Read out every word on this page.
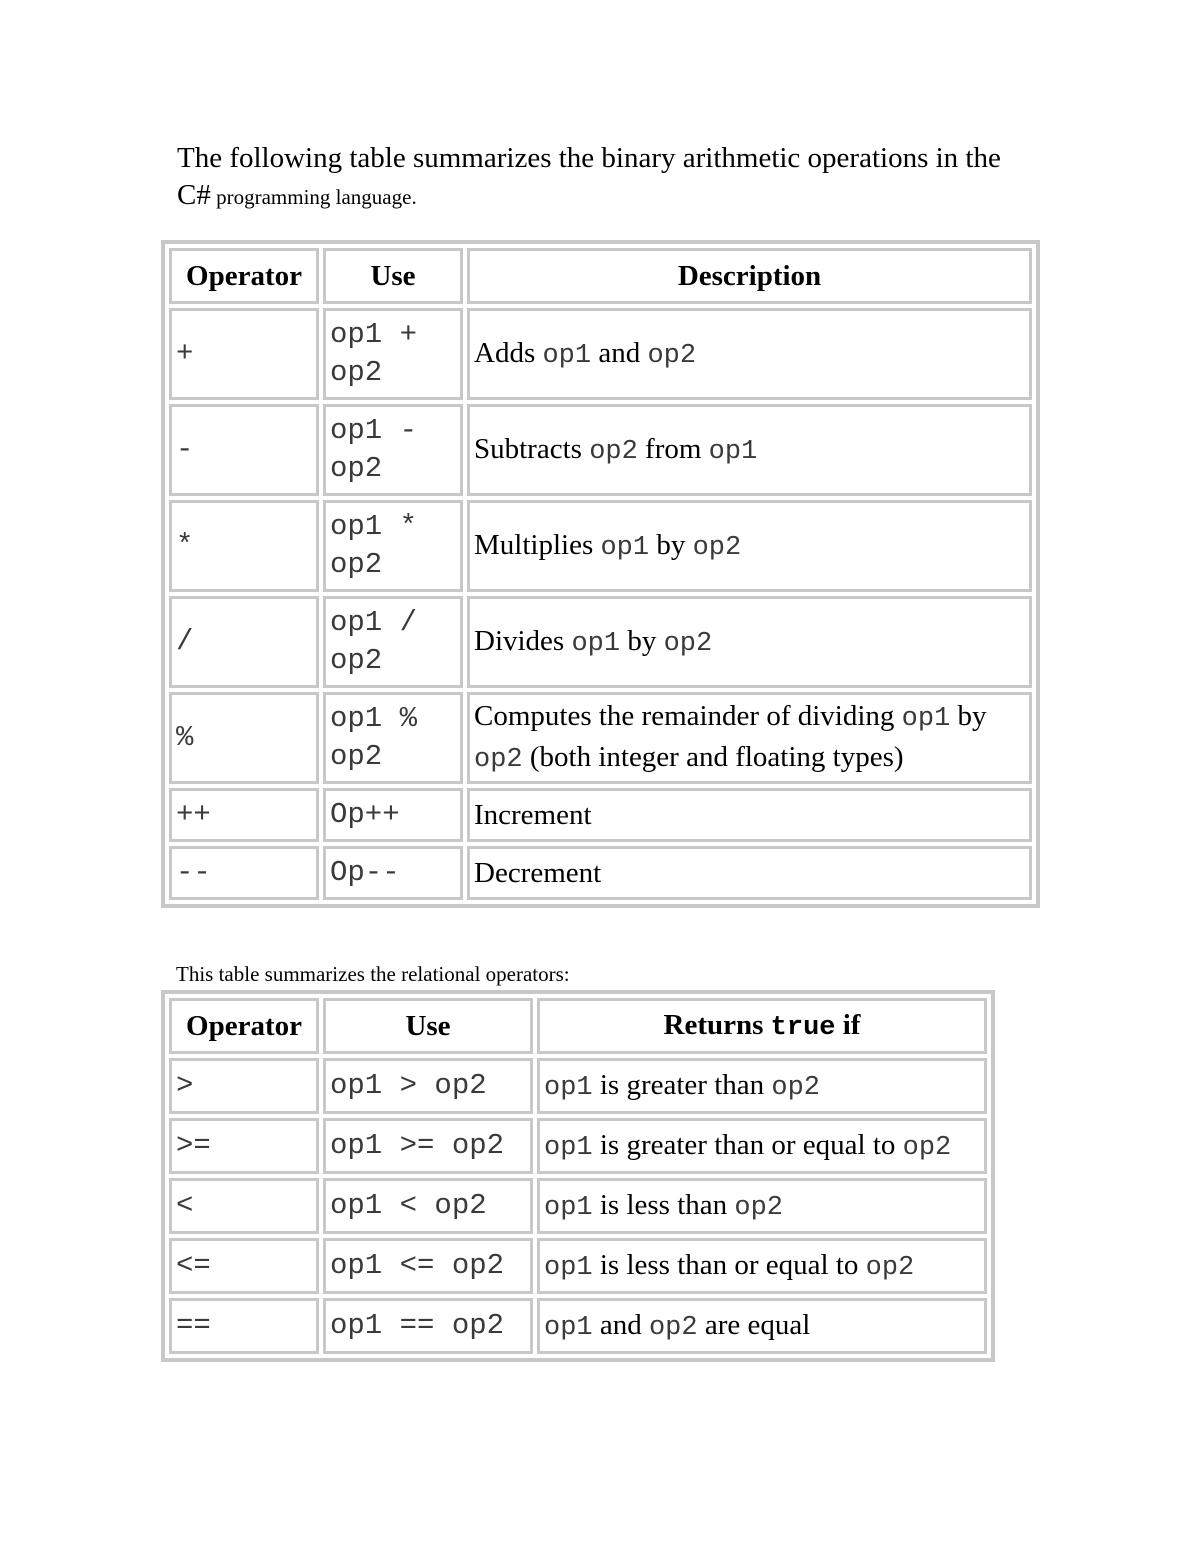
The following table summarizes the binary arithmetic operations in the C# programming language.

Operator	Use	Description
+	op1 + op2	Adds op1 and op2
-	op1 - op2	Subtracts op2 from op1
*	op1 * op2	Multiplies op1 by op2
/	op1 / op2	Divides op1 by op2
%	op1 % op2	Computes the remainder of dividing op1 by op2 (both integer and floating types)
++	Op++	Increment
--	Op--	Decrement

This table summarizes the relational operators:

Operator	Use	Returns true if
>	op1 > op2	op1 is greater than op2
>=	op1 >= op2	op1 is greater than or equal to op2
<	op1 < op2	op1 is less than op2
<=	op1 <= op2	op1 is less than or equal to op2
==	op1 == op2	op1 and op2 are equal
